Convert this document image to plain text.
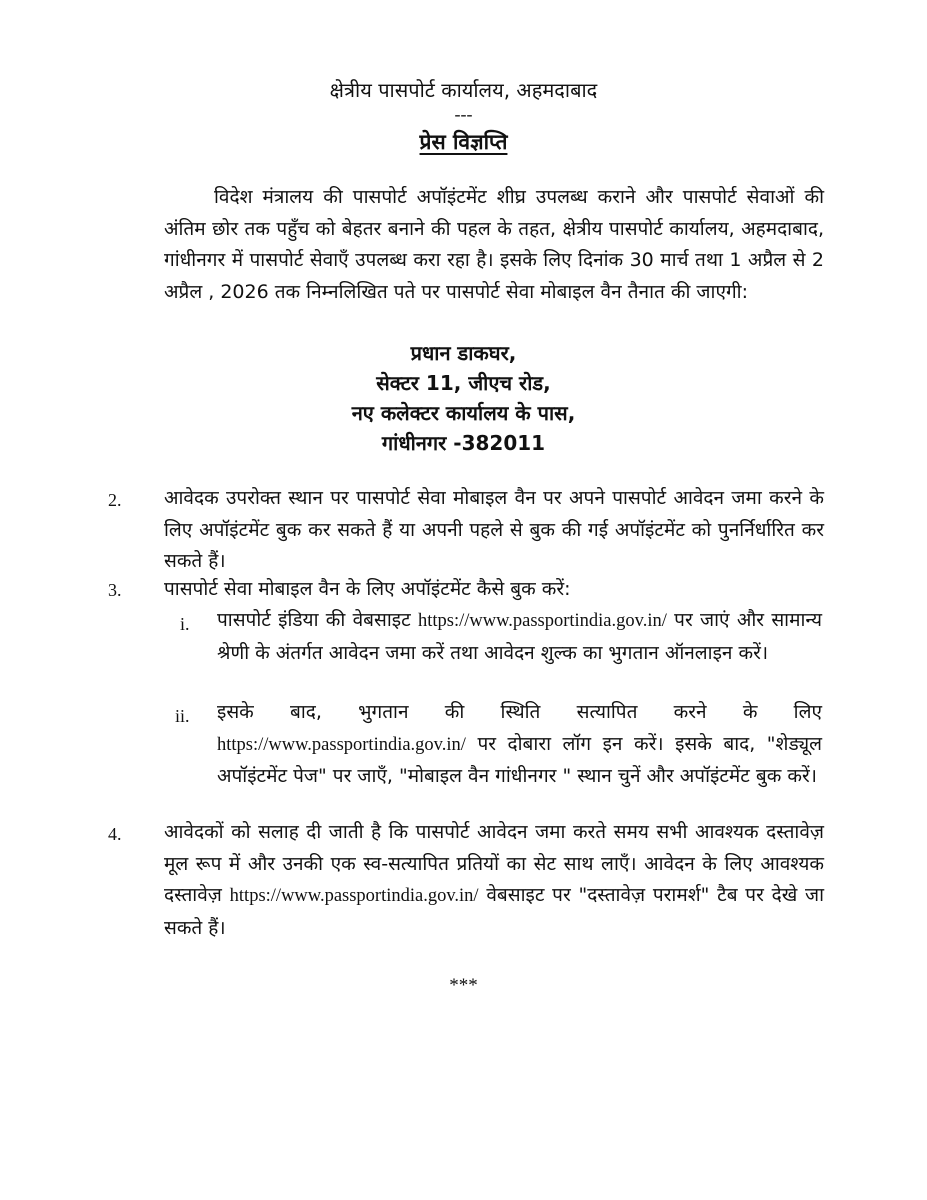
क्षेत्रीय पासपोर्ट कार्यालय, अहमदाबाद
---
प्रेस विज्ञप्ति
विदेश मंत्रालय की पासपोर्ट अपॉइंटमेंट शीघ्र उपलब्ध कराने और पासपोर्ट सेवाओं की अंतिम छोर तक पहुँच को बेहतर बनाने की पहल के तहत, क्षेत्रीय पासपोर्ट कार्यालय, अहमदाबाद, गांधीनगर में पासपोर्ट सेवाएँ उपलब्ध करा रहा है। इसके लिए दिनांक 30 मार्च तथा 1 अप्रैल से 2 अप्रैल , 2026 तक निम्नलिखित पते पर पासपोर्ट सेवा मोबाइल वैन तैनात की जाएगी:
प्रधान डाकघर,
सेक्टर 11, जीएच रोड,
नए कलेक्टर कार्यालय के पास,
गांधीनगर -382011
2.	आवेदक उपरोक्त स्थान पर पासपोर्ट सेवा मोबाइल वैन पर अपने पासपोर्ट आवेदन जमा करने के लिए अपॉइंटमेंट बुक कर सकते हैं या अपनी पहले से बुक की गई अपॉइंटमेंट को पुनर्निर्धारित कर सकते हैं।
3.	पासपोर्ट सेवा मोबाइल वैन के लिए अपॉइंटमेंट कैसे बुक करें:
i.	पासपोर्ट इंडिया की वेबसाइट https://www.passportindia.gov.in/ पर जाएं और सामान्य श्रेणी के अंतर्गत आवेदन जमा करें तथा आवेदन शुल्क का भुगतान ऑनलाइन करें।
ii.	इसके बाद, भुगतान की स्थिति सत्यापित करने के लिए https://www.passportindia.gov.in/ पर दोबारा लॉग इन करें। इसके बाद, "शेड्यूल अपॉइंटमेंट पेज" पर जाएँ, "मोबाइल वैन गांधीनगर " स्थान चुनें और अपॉइंटमेंट बुक करें।
4.	आवेदकों को सलाह दी जाती है कि पासपोर्ट आवेदन जमा करते समय सभी आवश्यक दस्तावेज़ मूल रूप में और उनकी एक स्व-सत्यापित प्रतियों का सेट साथ लाएँ। आवेदन के लिए आवश्यक दस्तावेज़ https://www.passportindia.gov.in/ वेबसाइट पर "दस्तावेज़ परामर्श" टैब पर देखे जा सकते हैं।
***
